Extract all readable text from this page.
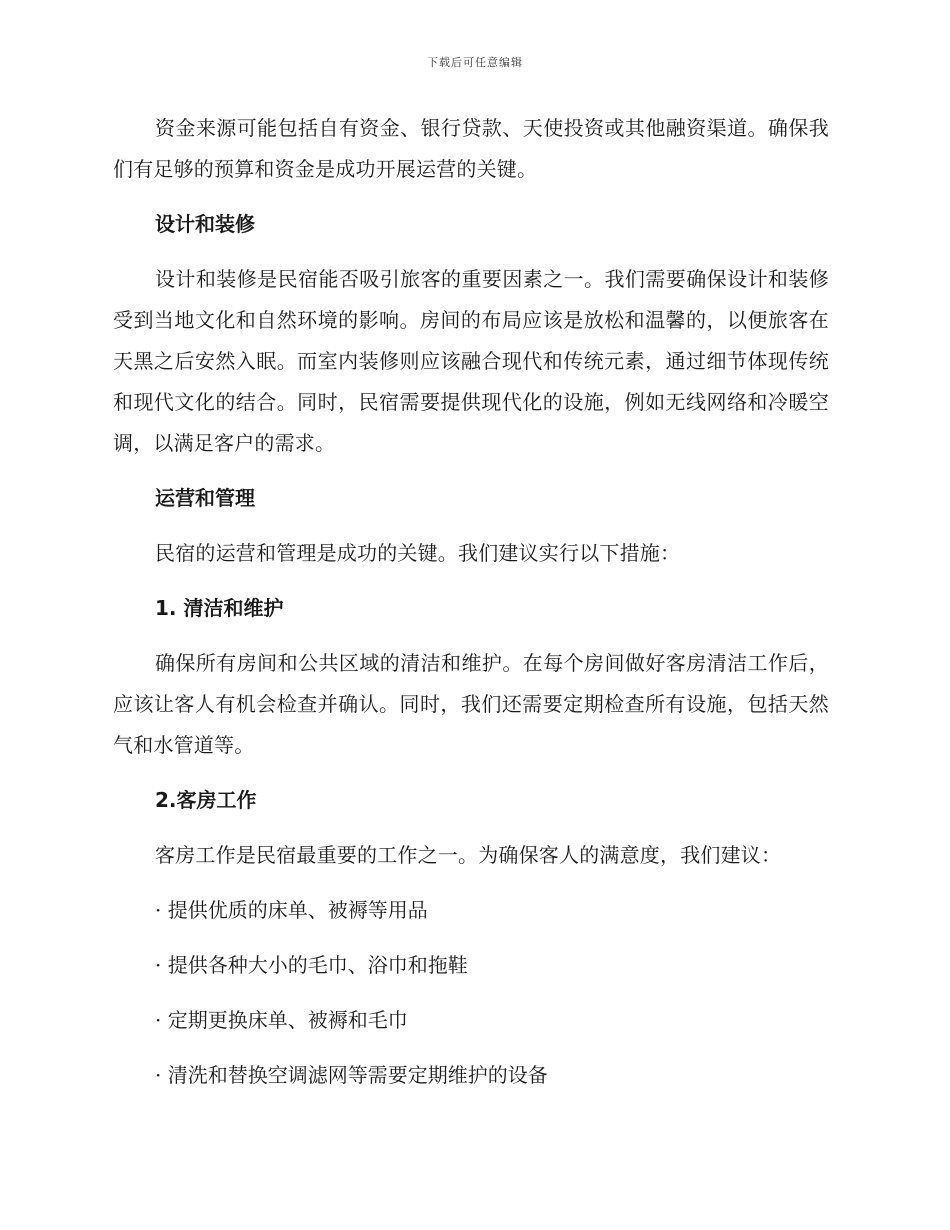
下载后可任意编辑

资金来源可能包括自有资金、银行贷款、天使投资或其他融资渠道。确保我们有足够的预算和资金是成功开展运营的关键。

设计和装修

设计和装修是民宿能否吸引旅客的重要因素之一。我们需要确保设计和装修受到当地文化和自然环境的影响。房间的布局应该是放松和温馨的，以便旅客在天黑之后安然入眠。而室内装修则应该融合现代和传统元素，通过细节体现传统和现代文化的结合。同时，民宿需要提供现代化的设施，例如无线网络和冷暖空调，以满足客户的需求。

运营和管理

民宿的运营和管理是成功的关键。我们建议实行以下措施：

1. 清洁和维护

确保所有房间和公共区域的清洁和维护。在每个房间做好客房清洁工作后，应该让客人有机会检查并确认。同时，我们还需要定期检查所有设施，包括天然气和水管道等。

2.客房工作

客房工作是民宿最重要的工作之一。为确保客人的满意度，我们建议：

· 提供优质的床单、被褥等用品
· 提供各种大小的毛巾、浴巾和拖鞋
· 定期更换床单、被褥和毛巾
· 清洗和替换空调滤网等需要定期维护的设备
